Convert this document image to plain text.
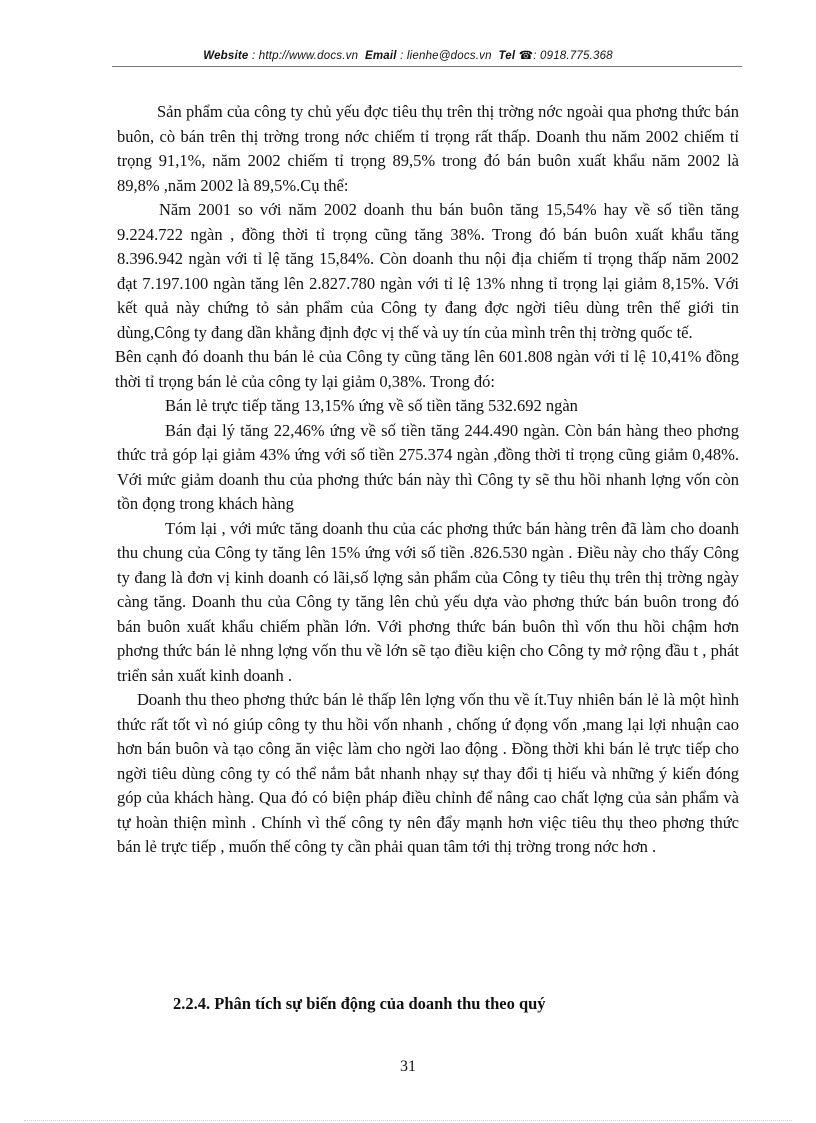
Website : http://www.docs.vn Email : lienhe@docs.vn Tel ☎: 0918.775.368

Sản phẩm của công ty chủ yếu đợc tiêu thụ trên thị trờng nớc ngoài qua phơng thức bán buôn, cò bán trên thị trờng trong nớc chiếm tỉ trọng rất thấp. Doanh thu năm 2002 chiếm tỉ trọng 91,1%, năm 2002 chiếm tỉ trọng 89,5% trong đó bán buôn xuất khẩu năm 2002 là 89,8% ,năm 2002 là 89,5%.Cụ thể:

Năm 2001 so với năm 2002 doanh thu bán buôn tăng 15,54% hay về số tiền tăng 9.224.722 ngàn , đồng thời tỉ trọng cũng tăng 38%. Trong đó bán buôn xuất khẩu tăng 8.396.942 ngàn với tỉ lệ tăng 15,84%. Còn doanh thu nội địa chiếm tỉ trọng thấp năm 2002 đạt 7.197.100 ngàn tăng lên 2.827.780 ngàn với tỉ lệ 13% nhng tỉ trọng lại giảm 8,15%. Với kết quả này chứng tỏ sản phẩm của Công ty đang đợc ngời tiêu dùng trên thế giới tin dùng,Công ty đang dần khẳng định đợc vị thế và uy tín của mình trên thị trờng quốc tế.

Bên cạnh đó doanh thu bán lẻ của Công ty cũng tăng lên 601.808 ngàn với tỉ lệ 10,41% đồng thời tỉ trọng bán lẻ của công ty lại giảm 0,38%. Trong đó:

Bán lẻ trực tiếp tăng 13,15% ứng về số tiền tăng 532.692 ngàn

Bán đại lý tăng 22,46% ứng về số tiền tăng 244.490 ngàn. Còn bán hàng theo phơng thức trả góp lại giảm 43% ứng với số tiền 275.374 ngàn ,đồng thời tỉ trọng cũng giảm 0,48%. Với mức giảm doanh thu của phơng thức bán này thì Công ty sẽ thu hồi nhanh lợng vốn còn tồn đọng trong khách hàng

Tóm lại , với mức tăng doanh thu của các phơng thức bán hàng trên đã làm cho doanh thu chung của Công ty tăng lên 15% ứng với số tiền .826.530 ngàn . Điều này cho thấy Công ty đang là đơn vị kinh doanh có lãi,số lợng sản phẩm của Công ty tiêu thụ trên thị trờng ngày càng tăng. Doanh thu của Công ty tăng lên chủ yếu dựa vào phơng thức bán buôn trong đó bán buôn xuất khẩu chiếm phần lớn. Với phơng thức bán buôn thì vốn thu hồi chậm hơn phơng thức bán lẻ nhng lợng vốn thu về lớn sẽ tạo điều kiện cho Công ty mở rộng đầu t , phát triển sản xuất kinh doanh .

Doanh thu theo phơng thức bán lẻ thấp lên lợng vốn thu về ít.Tuy nhiên bán lẻ là một hình thức rất tốt vì nó giúp công ty thu hồi vốn nhanh , chống ứ đọng vốn ,mang lại lợi nhuận cao hơn bán buôn và tạo công ăn việc làm cho ngời lao động . Đồng thời khi bán lẻ trực tiếp cho ngời tiêu dùng công ty có thể nắm bắt nhanh nhạy sự thay đổi tị hiếu và những ý kiến đóng góp của khách hàng. Qua đó có biện pháp điều chỉnh để nâng cao chất lợng của sản phẩm và tự hoàn thiện mình . Chính vì thế công ty nên đẩy mạnh hơn việc tiêu thụ theo phơng thức bán lẻ trực tiếp , muốn thế công ty cần phải quan tâm tới thị trờng trong nớc hơn .

2.2.4. Phân tích sự biến động của doanh thu theo quý
31
